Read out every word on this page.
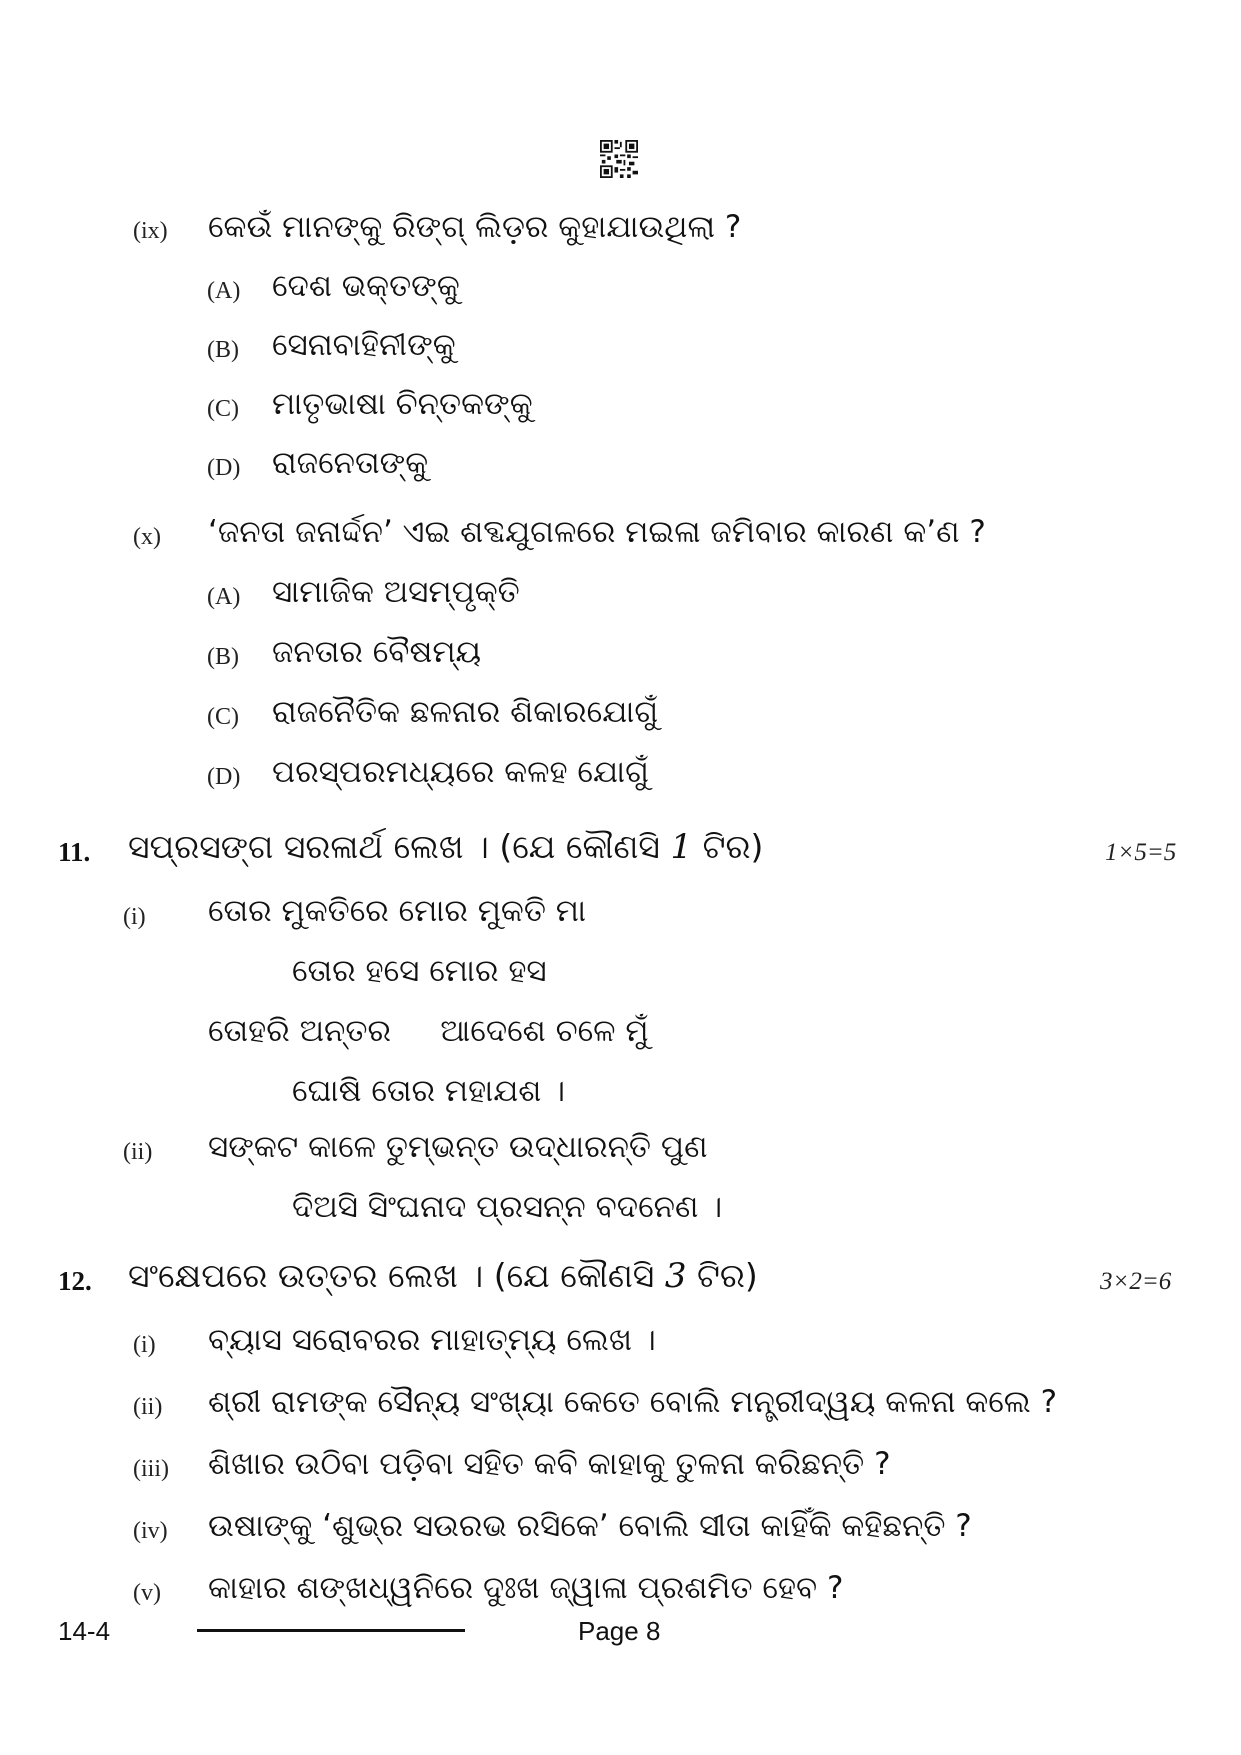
(ix) କେଉଁ ମାନଙ୍କୁ ରିଙ୍ଗ୍ ଲିଡ଼ର କୁହାଯାଉଥିଲା ?
(A) ଦେଶ ଭକ୍ତଙ୍କୁ
(B) ସେନାବାହିନୀଙ୍କୁ
(C) ମାତୃଭାଷା ଚିନ୍ତକଙ୍କୁ
(D) ରାଜନେତାଙ୍କୁ
(x) ‘ଜନତା ଜନାର୍ଦ୍ଦନ’ ଏଇ ଶବ୍ଦଯୁଗଳରେ ମଇଳା ଜମିବାର କାରଣ କ’ଣ ?
(A) ସାମାଜିକ ଅସମ୍ପୃକ୍ତି
(B) ଜନତାର ବୈଷମ୍ୟ
(C) ରାଜନୈତିକ ଛଳନାର ଶିକାରଯୋଗୁଁ
(D) ପରସ୍ପରମଧ୍ୟରେ କଳହ ଯୋଗୁଁ
11. ସପ୍ରସଙ୍ଗ ସରଳାର୍ଥ ଲେଖ । (ଯେ କୌଣସି 1 ଟିର)	1×5=5
(i) ତୋର ମୁକତିରେ ମୋର ମୁକତି ମା
ତୋର ହସେ ମୋର ହସ
ତୋହରି ଅନ୍ତର     ଆଦେଶେ ଚଳେ ମୁଁ
ଘୋଷି ତୋର ମହାଯଶ ।
(ii) ସଙ୍କଟ କାଳେ ତୁମ୍ଭନ୍ତ ଉଦ୍ଧାରନ୍ତି ପୁଣ
ଦିଅସି ସିଂଘନାଦ ପ୍ରସନ୍ନ ବଦନେଣ ।
12. ସଂକ୍ଷେପରେ ଉତ୍ତର ଲେଖ । (ଯେ କୌଣସି 3 ଟିର)	3×2=6
(i) ବ୍ୟାସ ସରୋବରର ମାହାତ୍ମ୍ୟ ଲେଖ ।
(ii) ଶ୍ରୀ ରାମଙ୍କ ସୈନ୍ୟ ସଂଖ୍ୟା କେତେ ବୋଲି ମନ୍ତ୍ରୀଦ୍ୱୟ କଳନା କଲେ ?
(iii) ଶିଖାର ଉଠିବା ପଡ଼ିବା ସହିତ କବି କାହାକୁ ତୁଳନା କରିଛନ୍ତି ?
(iv) ଉଷାଙ୍କୁ ‘ଶୁଭ୍ର ସଉରଭ ରସିକେ’ ବୋଲି ସୀତା କାହିଁକି କହିଛନ୍ତି ?
(v) କାହାର ଶଙ୍ଖଧ୍ୱନିରେ ଦୁଃଖ ଜ୍ୱାଳା ପ୍ରଶମିତ ହେବ ?
14-4	Page 8
